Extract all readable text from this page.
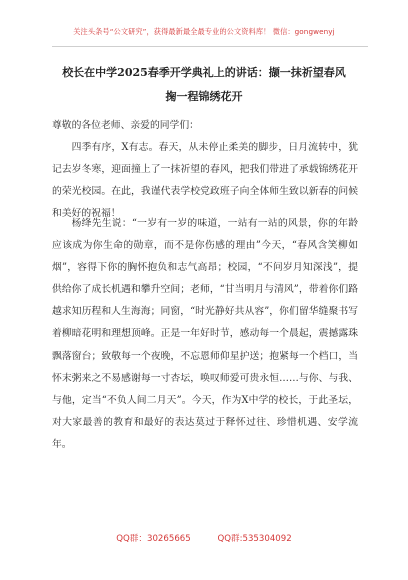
关注头条号“公文研究”，获得最新最全最专业的公文资料库！ 微信：gongwenyj
校长在中学2025春季开学典礼上的讲话：撷一抹祈望春风
掬一程锦绣花开
尊敬的各位老师、亲爱的同学们：
四季有序，X有志。春天，从未停止柔美的脚步，日月流转中，犹记去岁冬寒，迎面撞上了一抹祈望的春风，把我们带进了承载锦绣花开的荣光校园。在此，我谨代表学校党政班子向全体师生致以新春的问候和美好的祝福！
杨绛先生说：“一岁有一岁的味道，一站有一站的风景，你的年龄应该成为你生命的勋章，而不是你伤感的理由”今天，“春风含笑柳如烟”，容得下你的胸怀抱负和志气高昂；校园，“不问岁月知深浅”，提供给你了成长机遇和攀升空间；老师，“甘当明月与清风”，带着你们路越求知历程和人生海海；同窗，“时光静好共从容”，你们留华缝聚书写着柳暗花明和理想顶峰。正是一年好时节，感动每一个晨起，震撼露珠飘落窗台；致敬每一个夜晚，不忘恩师仰星护送；抱紧每一个档口，当怀末粥来之不易感谢每一寸杏坛，唤叹师爱可贵永恒……与你、与我、与他，定当“不负人间二月天”。今天，作为X中学的校长，于此圣坛，对大家最善的教育和最好的表达莫过于释怀过往、珍惜机遇、安学流年。
QQ群：30265665	QQ群:535304092
